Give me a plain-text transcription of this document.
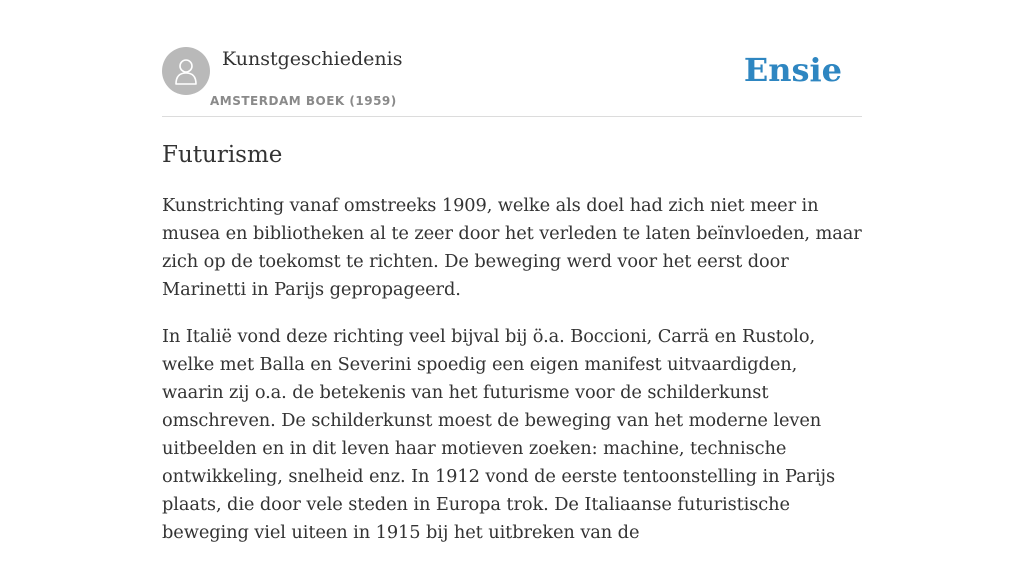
Kunstgeschiedenis
AMSTERDAM BOEK (1959)
Ensie
Futurisme

Kunstrichting vanaf omstreeks 1909, welke als doel had zich niet meer in musea en bibliotheken al te zeer door het verleden te laten beïnvloeden, maar zich op de toekomst te richten. De beweging werd voor het eerst door Marinetti in Parijs gepropageerd.

In Italië vond deze richting veel bijval bij ö.a. Boccioni, Carrä en Rustolo, welke met Balla en Severini spoedig een eigen manifest uitvaardigden, waarin zij o.a. de betekenis van het futurisme voor de schilderkunst omschreven. De schilderkunst moest de beweging van het moderne leven uitbeelden en in dit leven haar motieven zoeken: machine, technische ontwikkeling, snelheid enz. In 1912 vond de eerste tentoonstelling in Parijs plaats, die door vele steden in Europa trok. De Italiaanse futuristische beweging viel uiteen in 1915 bij het uitbreken van de
